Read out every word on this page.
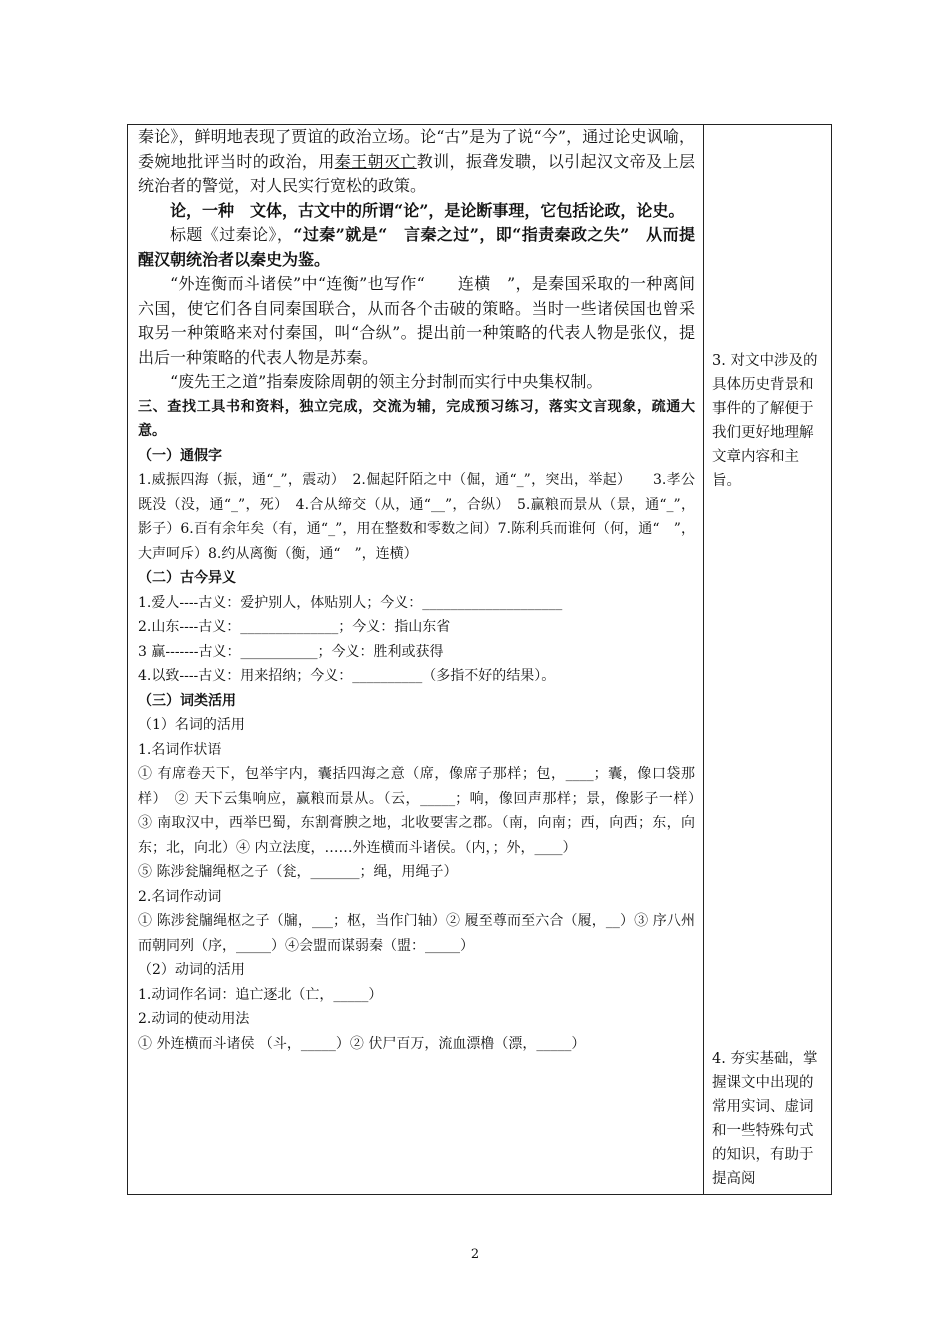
秦论》，鲜明地表现了贾谊的政治立场。论“古”是为了说“今”，通过论史讽喻，委婉地批评当时的政治，用秦王朝灭亡教训，振聋发聩，以引起汉文帝及上层统治者的警觉，对人民实行宽松的政策。

论，一种　文体，古文中的所谓“论”，是论断事理，它包括论政，论史。

标题《过秦论》，“过秦”就是“　言秦之过”，即“指责秦政之失”　从而提醒汉朝统治者以秦史为鉴。

“外连衡而斗诸侯”中“连衡”也写作“　　连横　”，是秦国采取的一种离间六国，使它们各自同秦国联合，从而各个击破的策略。当时一些诸侯国也曾采取另一种策略来对付秦国，叫“合纵”。提出前一种策略的代表人物是张仪，提出后一种策略的代表人物是苏秦。

“废先王之道”指秦废除周朝的领主分封制而实行中央集权制。

三、查找工具书和资料，独立完成，交流为辅，完成预习练习，落实文言现象，疏通大意。

（一）通假字

1.威振四海（振，通“_”，震动）　2.倔起阡陌之中（倔，通“_”，突出，举起）　　3.孝公既没（没，通“_”，死）　4.合从缔交（从，通“__”，合纵）　5.赢粮而景从（景，通“_”，影子）6.百有余年矣（有，通“_”，用在整数和零数之间）7.陈利兵而谁何（何，通“　”，大声呵斥）8.约从离衡（衡，通“　”，连横）

（二）古今异义

1.爱人----古义：爱护别人，体贴别人；今义：____________________

2.山东----古义：______________；今义：指山东省

3 赢-------古义：___________；今义：胜利或获得

4.以致----古义：用来招纳；今义：__________（多指不好的结果）。

（三）词类活用

（1）名词的活用

1.名词作状语

① 有席卷天下，包举宇内，囊括四海之意（席，像席子那样；包，____；囊，像口袋那样）　② 天下云集响应，赢粮而景从。（云，_____；响，像回声那样；景，像影子一样）　③ 南取汉中，西举巴蜀，东割膏腴之地，北收要害之郡。（南，向南；西，向西；东，向东；北，向北）④ 内立法度，……外连横而斗诸侯。（内，；外，____）

⑤ 陈涉瓮牖绳枢之子（瓮，_______；绳，用绳子）

2.名词作动词

① 陈涉瓮牖绳枢之子（牖，___；枢，当作门轴）② 履至尊而至六合（履，__）③ 序八州而朝同列（序，_____）④会盟而谋弱秦（盟：_____）

（2）动词的活用

1.动词作名词：追亡逐北（亡，_____）

2.动词的使动用法

① 外连横而斗诸侯 （斗，_____）② 伏尸百万，流血漂橹（漂，_____）

3. 对文中涉及的具体历史背景和事件的了解便于我们更好地理解文章内容和主旨。

4. 夯实基础，掌握课文中出现的常用实词、虚词和一些特殊句式的知识，有助于提高阅

2
